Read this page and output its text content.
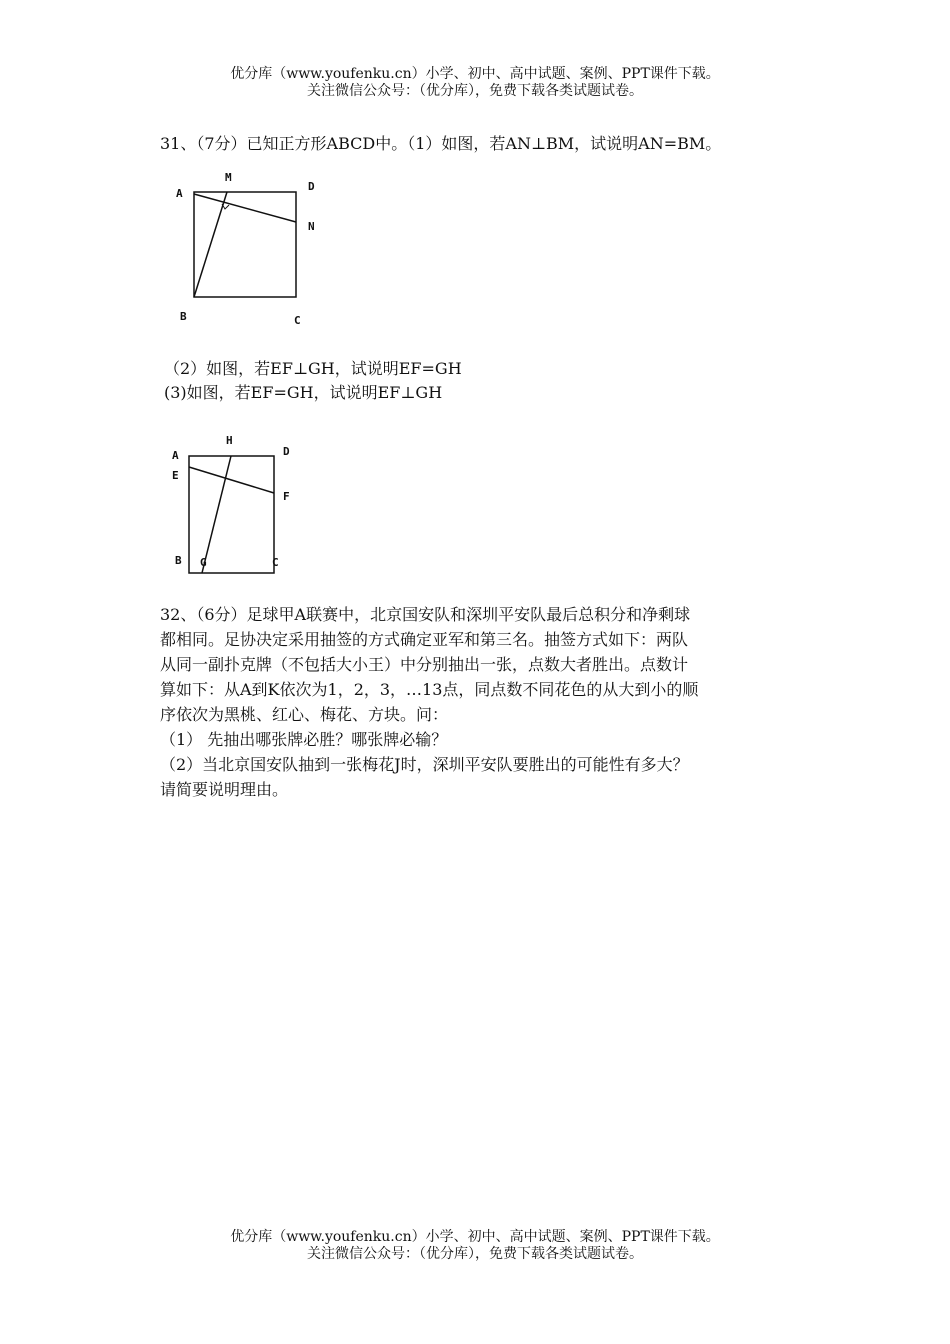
优分库（www.youfenku.cn）小学、初中、高中试题、案例、PPT课件下载。
关注微信公众号：（优分库），免费下载各类试题试卷。
31、（7分）已知正方形ABCD中。（1）如图，若AN⊥BM，试说明AN=BM。
A
M
D
N
B	C
（2）如图，若EF⊥GH，试说明EF=GH
(3)如图，若EF=GH，试说明EF⊥GH
A
E
H
D
F
B G	C
32、（6分）足球甲A联赛中，北京国安队和深圳平安队最后总积分和净剩球
都相同。足协决定采用抽签的方式确定亚军和第三名。抽签方式如下：两队
从同一副扑克牌（不包括大小王）中分别抽出一张，点数大者胜出。点数计
算如下：从A到K依次为1，2，3，…13点，同点数不同花色的从大到小的顺
序依次为黑桃、红心、梅花、方块。问：
（1） 先抽出哪张牌必胜？哪张牌必输？
（2）当北京国安队抽到一张梅花J时，深圳平安队要胜出的可能性有多大？
请简要说明理由。
优分库（www.youfenku.cn）小学、初中、高中试题、案例、PPT课件下载。
关注微信公众号：（优分库），免费下载各类试题试卷。
